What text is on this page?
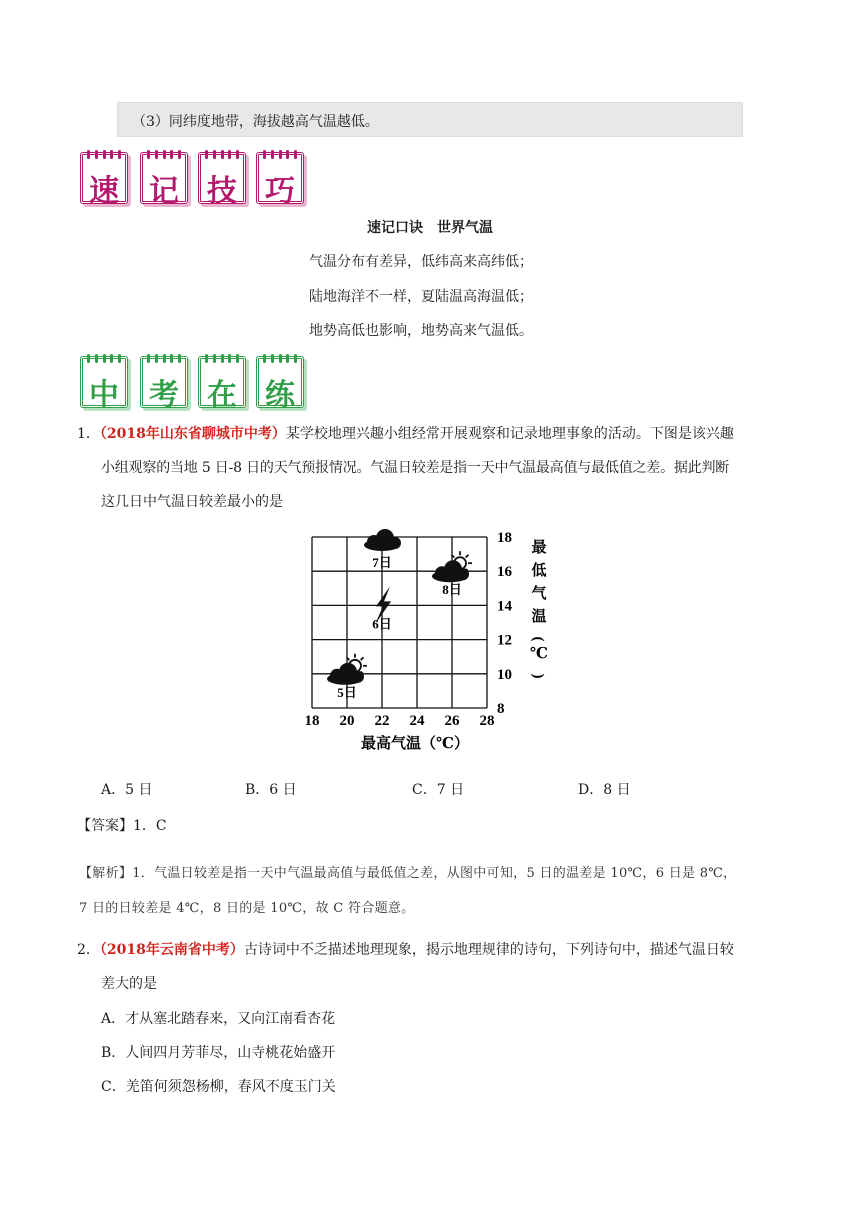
（3）同纬度地带，海拔越高气温越低。
速 记 技 巧
速记口诀　世界气温
气温分布有差异，低纬高来高纬低；
陆地海洋不一样，夏陆温高海温低；
地势高低也影响，地势高来气温低。
中 考 在 练
1．（2018年山东省聊城市中考）某学校地理兴趣小组经常开展观察和记录地理事象的活动。下图是该兴趣
小组观察的当地 5 日-8 日的天气预报情况。气温日较差是指一天中气温最高值与最低值之差。据此判断
这几日中气温日较差最小的是
18 20 22 24 26 28
18
16
14
12
10
8
5日
6日
7日
8日
最高气温（℃）
最
低
气
温
(
℃
)
A．5 日	B．6 日	C．7 日	D．8 日
【答案】1．C
【解析】1．气温日较差是指一天中气温最高值与最低值之差，从图中可知，5 日的温差是 10℃，6 日是 8℃，
7 日的日较差是 4℃，8 日的是 10℃，故 C 符合题意。
2．（2018年云南省中考）古诗词中不乏描述地理现象，揭示地理规律的诗句，下列诗句中，描述气温日较
差大的是
A．才从塞北踏春来，又向江南看杏花
B．人间四月芳菲尽，山寺桃花始盛开
C．羌笛何须怨杨柳，春风不度玉门关
